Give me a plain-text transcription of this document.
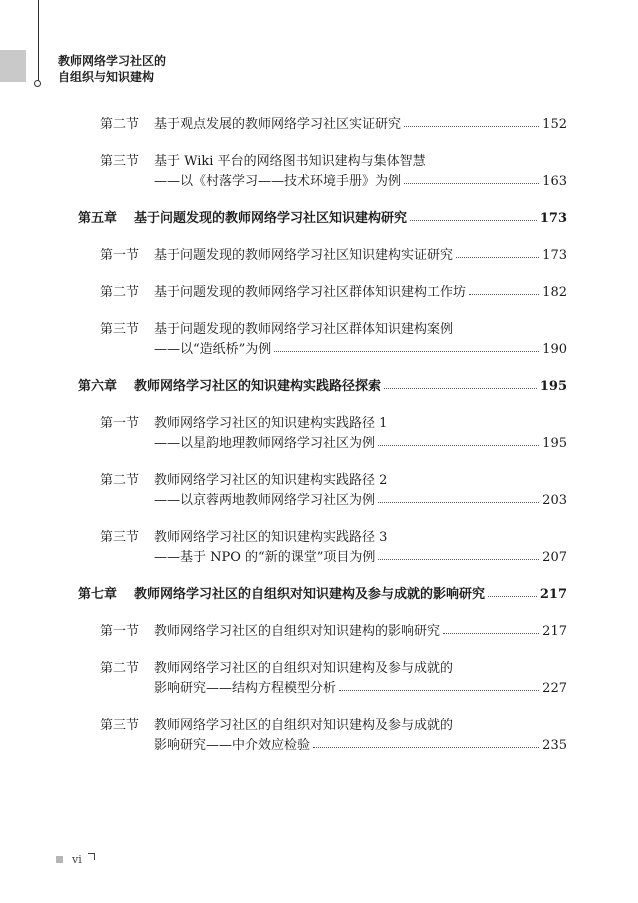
教师网络学习社区的
自组织与知识建构
第二节	基于观点发展的教师网络学习社区实证研究	152
第三节	基于 Wiki 平台的网络图书知识建构与集体智慧
——以《村落学习——技术环境手册》为例	163
第五章	基于问题发现的教师网络学习社区知识建构研究	173
第一节	基于问题发现的教师网络学习社区知识建构实证研究	173
第二节	基于问题发现的教师网络学习社区群体知识建构工作坊	182
第三节	基于问题发现的教师网络学习社区群体知识建构案例
——以“造纸桥”为例	190
第六章	教师网络学习社区的知识建构实践路径探索	195
第一节	教师网络学习社区的知识建构实践路径 1
——以星韵地理教师网络学习社区为例	195
第二节	教师网络学习社区的知识建构实践路径 2
——以京蓉两地教师网络学习社区为例	203
第三节	教师网络学习社区的知识建构实践路径 3
——基于 NPO 的“新的课堂”项目为例	207
第七章	教师网络学习社区的自组织对知识建构及参与成就的影响研究	217
第一节	教师网络学习社区的自组织对知识建构的影响研究	217
第二节	教师网络学习社区的自组织对知识建构及参与成就的
影响研究——结构方程模型分析	227
第三节	教师网络学习社区的自组织对知识建构及参与成就的
影响研究——中介效应检验	235
vi
